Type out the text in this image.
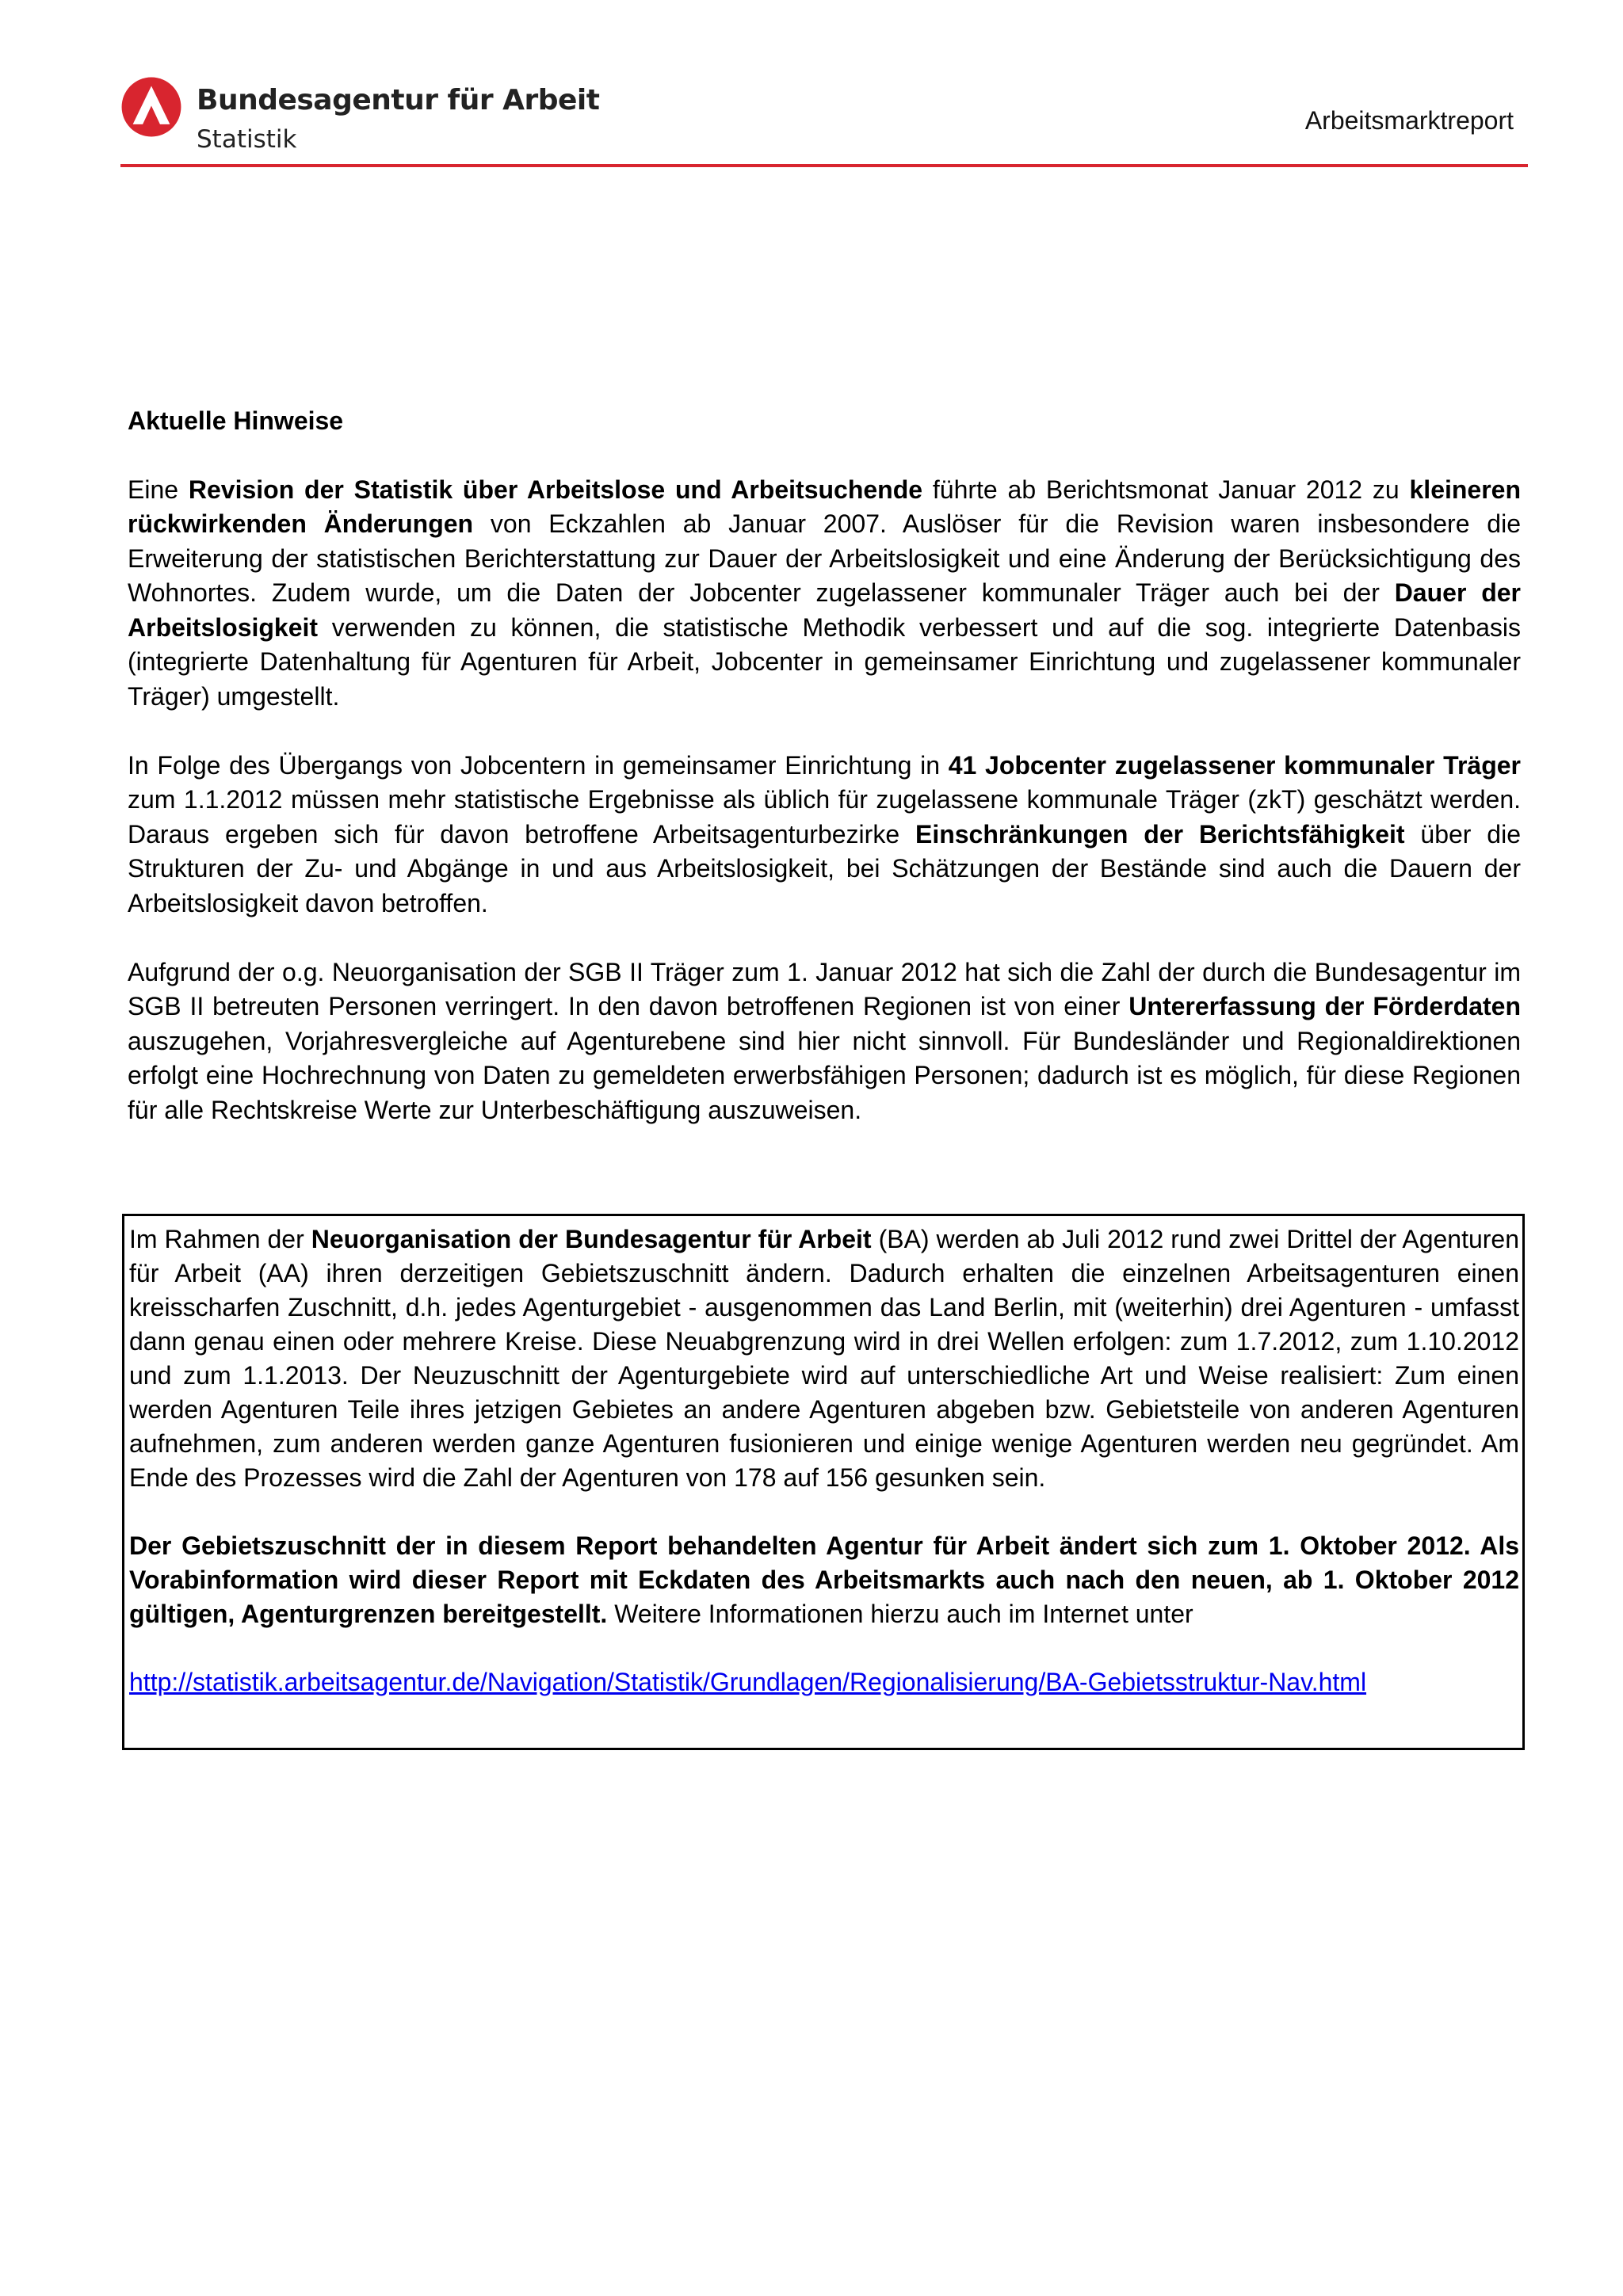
Bundesagentur für Arbeit
Statistik
Arbeitsmarktreport
Aktuelle Hinweise
Eine Revision der Statistik über Arbeitslose und Arbeitsuchende führte ab Berichtsmonat Januar 2012 zu kleineren rückwirkenden Änderungen von Eckzahlen ab Januar 2007. Auslöser für die Revision waren insbesondere die Erweiterung der statistischen Berichterstattung zur Dauer der Arbeitslosigkeit und eine Änderung der Berücksichtigung des Wohnortes. Zudem wurde, um die Daten der Jobcenter zugelassener kommunaler Träger auch bei der Dauer der Arbeitslosigkeit verwenden zu können, die statistische Methodik verbessert und auf die sog. integrierte Datenbasis (integrierte Datenhaltung für Agenturen für Arbeit, Jobcenter in gemeinsamer Einrichtung und zugelassener kommunaler Träger) umgestellt.
In Folge des Übergangs von Jobcentern in gemeinsamer Einrichtung in 41 Jobcenter zugelassener kommunaler Träger zum 1.1.2012 müssen mehr statistische Ergebnisse als üblich für zugelassene kommunale Träger (zkT) geschätzt werden. Daraus ergeben sich für davon betroffene Arbeitsagenturbezirke Einschränkungen der Berichtsfähigkeit über die Strukturen der Zu- und Abgänge in und aus Arbeitslosigkeit, bei Schätzungen der Bestände sind auch die Dauern der Arbeitslosigkeit davon betroffen.
Aufgrund der o.g. Neuorganisation der SGB II Träger zum 1. Januar 2012 hat sich die Zahl der durch die Bundesagentur im SGB II betreuten Personen verringert. In den davon betroffenen Regionen ist von einer Untererfassung der Förderdaten auszugehen, Vorjahresvergleiche auf Agenturebene sind hier nicht sinnvoll. Für Bundesländer und Regionaldirektionen erfolgt eine Hochrechnung von Daten zu gemeldeten erwerbsfähigen Personen; dadurch ist es möglich, für diese Regionen für alle Rechtskreise Werte zur Unterbeschäftigung auszuweisen.
Im Rahmen der Neuorganisation der Bundesagentur für Arbeit (BA) werden ab Juli 2012 rund zwei Drittel der Agenturen für Arbeit (AA) ihren derzeitigen Gebietszuschnitt ändern. Dadurch erhalten die einzelnen Arbeitsagenturen einen kreisscharfen Zuschnitt, d.h. jedes Agenturgebiet - ausgenommen das Land Berlin, mit (weiterhin) drei Agenturen - umfasst dann genau einen oder mehrere Kreise. Diese Neuabgrenzung wird in drei Wellen erfolgen: zum 1.7.2012, zum 1.10.2012 und zum 1.1.2013. Der Neuzuschnitt der Agenturgebiete wird auf unterschiedliche Art und Weise realisiert: Zum einen werden Agenturen Teile ihres jetzigen Gebietes an andere Agenturen abgeben bzw. Gebietsteile von anderen Agenturen aufnehmen, zum anderen werden ganze Agenturen fusionieren und einige wenige Agenturen werden neu gegründet. Am Ende des Prozesses wird die Zahl der Agenturen von 178 auf 156 gesunken sein.
Der Gebietszuschnitt der in diesem Report behandelten Agentur für Arbeit ändert sich zum 1. Oktober 2012. Als Vorabinformation wird dieser Report mit Eckdaten des Arbeitsmarkts auch nach den neuen, ab 1. Oktober 2012 gültigen, Agenturgrenzen bereitgestellt. Weitere Informationen hierzu auch im Internet unter
http://statistik.arbeitsagentur.de/Navigation/Statistik/Grundlagen/Regionalisierung/BA-Gebietsstruktur-Nav.html
